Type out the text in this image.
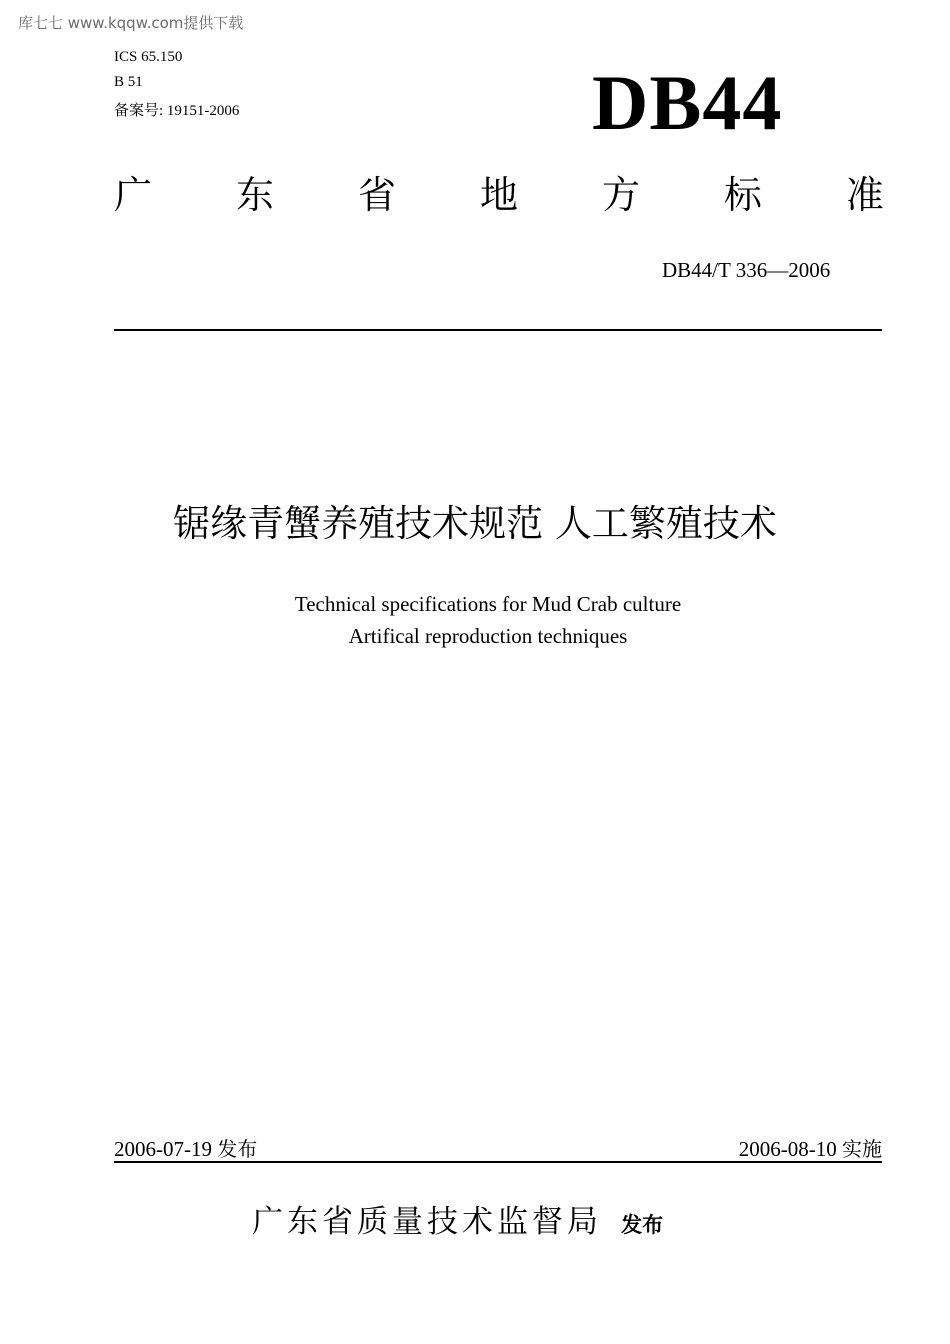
库七七 www.kqqw.com提供下载
ICS 65.150
B 51
备案号: 19151-2006	DB44
广 东 省 地 方 标 准
DB44/T 336—2006
锯缘青蟹养殖技术规范 人工繁殖技术
Technical specifications for Mud Crab culture
Artifical reproduction techniques
2006-07-19 发布	2006-08-10 实施
广东省质量技术监督局 发布
